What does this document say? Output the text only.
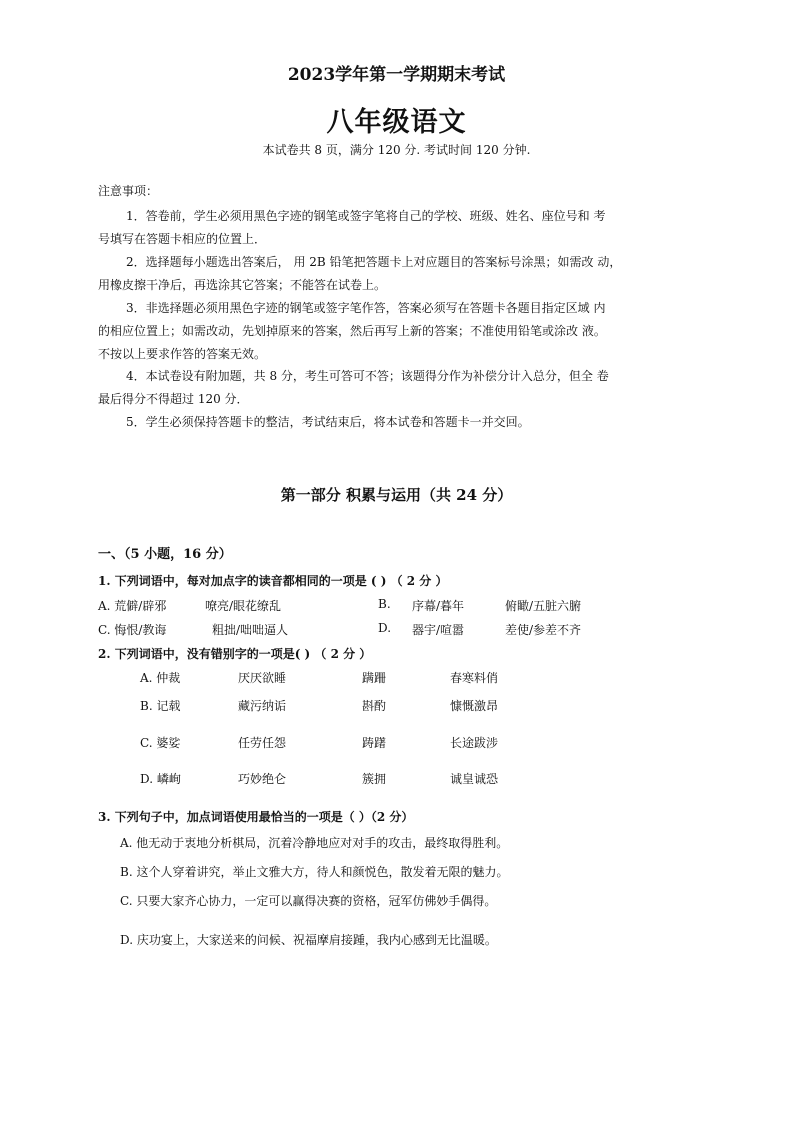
2023学年第一学期期末考试
八年级语文
本试卷共 8 页，满分 120 分. 考试时间 120 分钟.
注意事项：
1．答卷前，学生必须用黑色字迹的钢笔或签字笔将自己的学校、班级、姓名、座位号和 考
号填写在答题卡相应的位置上．
2．选择题每小题选出答案后， 用 2B 铅笔把答题卡上对应题目的答案标号涂黑；如需改 动，
用橡皮擦干净后，再选涂其它答案；不能答在试卷上。
3．非选择题必须用黑色字迹的钢笔或签字笔作答，答案必须写在答题卡各题目指定区域 内
的相应位置上；如需改动，先划掉原来的答案，然后再写上新的答案；不准使用铅笔或涂改 液。
不按以上要求作答的答案无效。
4．本试卷设有附加题，共 8 分，考生可答可不答；该题得分作为补偿分计入总分，但全 卷
最后得分不得超过 120 分．
5．学生必须保持答题卡的整洁，考试结束后，将本试卷和答题卡一并交回。
第一部分 积累与运用（共 24 分）
一、（5 小题，16 分）
1. 下列词语中，每对加点字的读音都相同的一项是 ( ) （ 2 分 ）
A. 荒僻/辟邪	嘹亮/眼花缭乱	B. 序幕/暮年	俯瞰/五脏六腑
C. 悔恨/教诲	粗拙/咄咄逼人	D. 器宇/喧嚣	差使/参差不齐
2. 下列词语中，没有错别字的一项是( ) （ 2 分 ）
A. 仲裁	厌厌欲睡	蹒跚	春寒料俏
B. 记载	藏污纳诟	斟酌	慷慨激昂
C. 婆娑	任劳任怨	踌躇	长途跋涉
D. 嶙峋	巧妙绝仑	簇拥	诚皇诚恐
3. 下列句子中，加点词语使用最恰当的一项是（ ）（2 分）
A. 他无动于衷地分析棋局，沉着冷静地应对对手的攻击，最终取得胜利。
B. 这个人穿着讲究，举止文雅大方，待人和颜悦色，散发着无限的魅力。
C. 只要大家齐心协力，一定可以赢得决赛的资格，冠军仿佛妙手偶得。
D. 庆功宴上，大家送来的问候、祝福摩肩接踵，我内心感到无比温暖。
